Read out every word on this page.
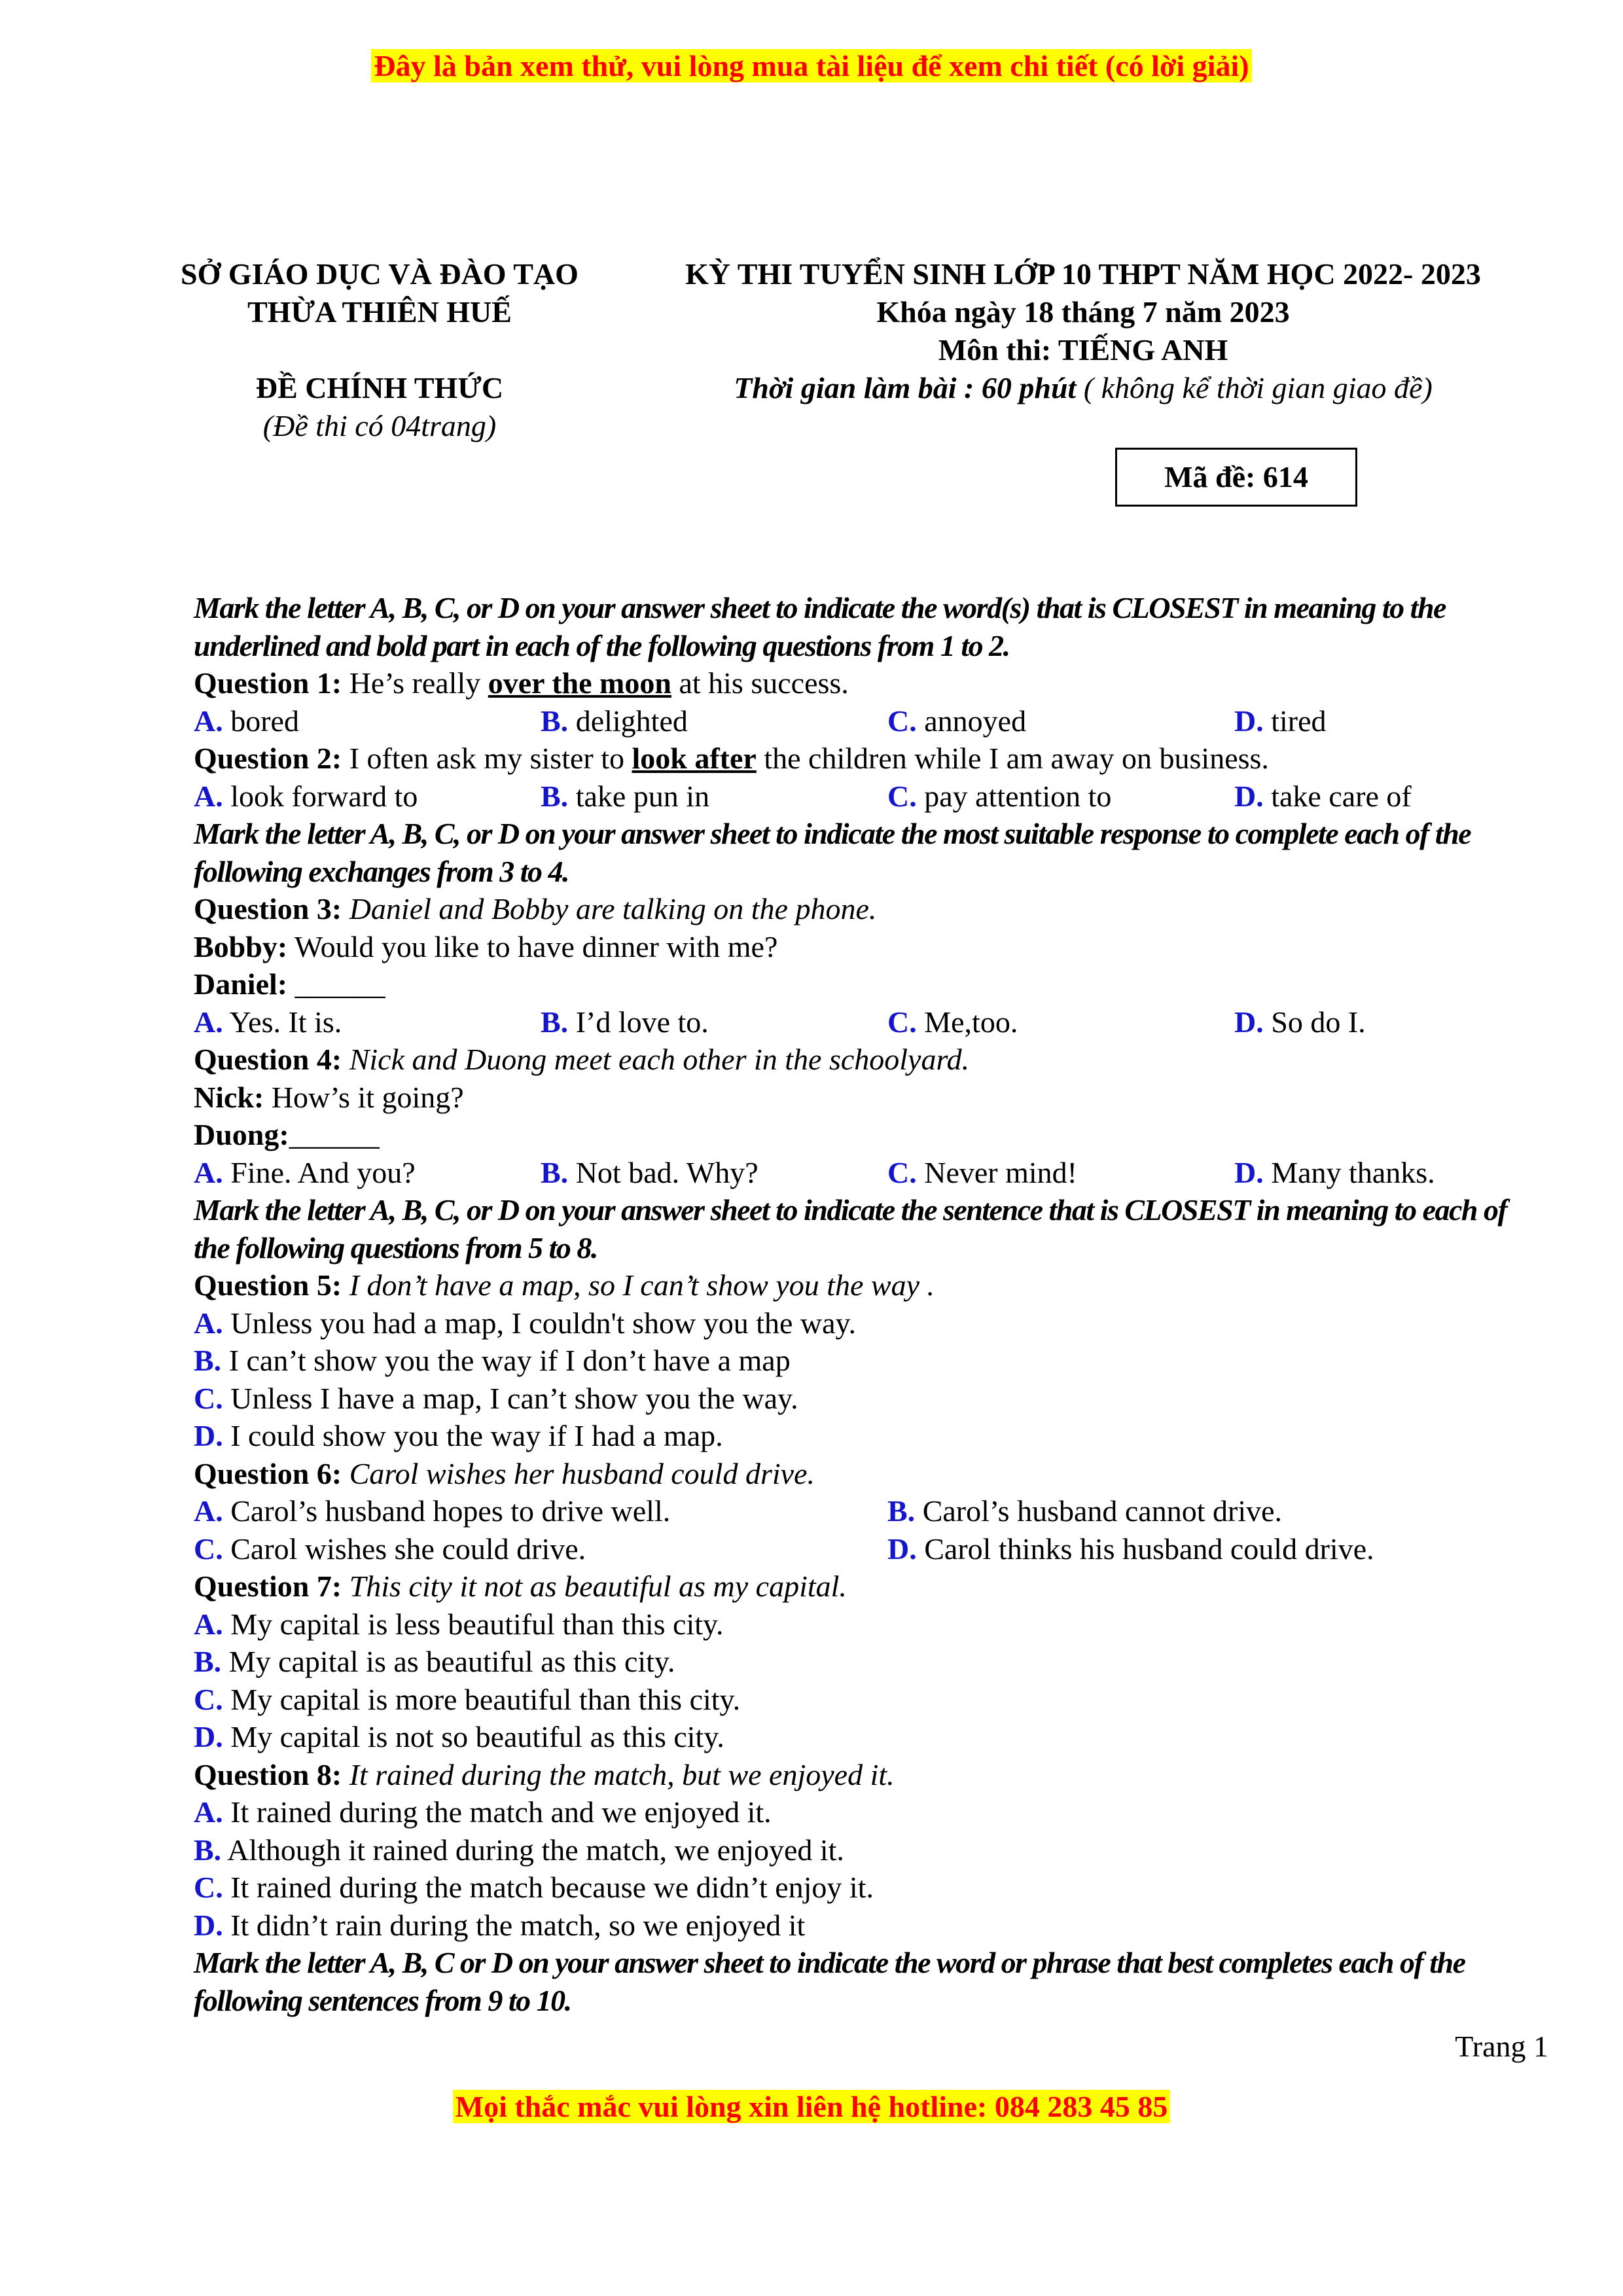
Đây là bản xem thử, vui lòng mua tài liệu để xem chi tiết (có lời giải)
SỞ GIÁO DỤC VÀ ĐÀO TẠO
THỪA THIÊN HUẾ
ĐỀ CHÍNH THỨC
(Đề thi có 04trang)
KỲ THI TUYỂN SINH LỚP 10 THPT NĂM HỌC 2022- 2023
Khóa ngày 18 tháng 7 năm 2023
Môn thi: TIẾNG ANH
Thời gian làm bài : 60 phút ( không kể thời gian giao đề)
Mã đề: 614
Mark the letter A, B, C, or D on your answer sheet to indicate the word(s) that is CLOSEST in meaning to the underlined and bold part in each of the following questions from 1 to 2.
Question 1: He’s really over the moon at his success.
A. bored	B. delighted	C. annoyed	D. tired
Question 2: I often ask my sister to look after the children while I am away on business.
A. look forward to	B. take pun in	C. pay attention to	D. take care of
Mark the letter A, B, C, or D on your answer sheet to indicate the most suitable response to complete each of the following exchanges from 3 to 4.
Question 3: Daniel and Bobby are talking on the phone.
Bobby: Would you like to have dinner with me?
Daniel: ______
A. Yes. It is.	B. I’d love to.	C. Me,too.	D. So do I.
Question 4: Nick and Duong meet each other in the schoolyard.
Nick: How’s it going?
Duong:______
A. Fine. And you?	B. Not bad. Why?	C. Never mind!	D. Many thanks.
Mark the letter A, B, C, or D on your answer sheet to indicate the sentence that is CLOSEST in meaning to each of the following questions from 5 to 8.
Question 5: I don’t have a map, so I can’t show you the way .
A. Unless you had a map, I couldn't show you the way.
B. I can’t show you the way if I don’t have a map
C. Unless I have a map, I can’t show you the way.
D. I could show you the way if I had a map.
Question 6: Carol wishes her husband could drive.
A. Carol’s husband hopes to drive well.	B. Carol’s husband cannot drive.
C. Carol wishes she could drive.	D. Carol thinks his husband could drive.
Question 7: This city it not as beautiful as my capital.
A. My capital is less beautiful than this city.
B. My capital is as beautiful as this city.
C. My capital is more beautiful than this city.
D. My capital is not so beautiful as this city.
Question 8: It rained during the match, but we enjoyed it.
A. It rained during the match and we enjoyed it.
B. Although it rained during the match, we enjoyed it.
C. It rained during the match because we didn’t enjoy it.
D. It didn’t rain during the match, so we enjoyed it
Mark the letter A, B, C or D on your answer sheet to indicate the word or phrase that best completes each of the following sentences from 9 to 10.
Trang 1
Mọi thắc mắc vui lòng xin liên hệ hotline: 084 283 45 85
